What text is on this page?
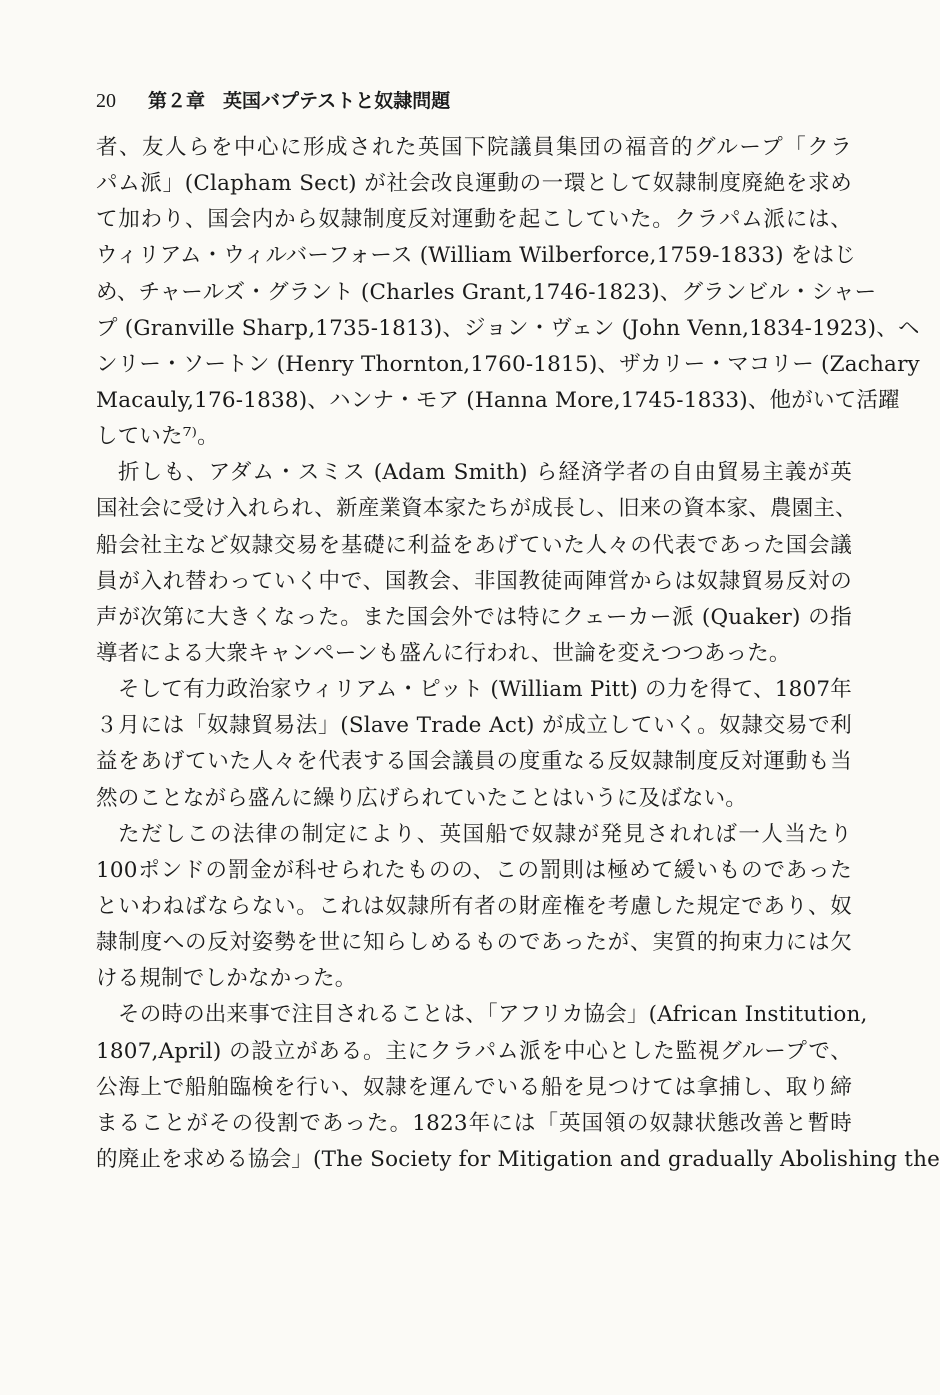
20	第２章 英国バプテストと奴隷問題
者、友人らを中心に形成された英国下院議員集団の福音的グループ「クラ
パム派」(Clapham Sect) が社会改良運動の一環として奴隷制度廃絶を求め
て加わり、国会内から奴隷制度反対運動を起こしていた。クラパム派には、
ウィリアム・ウィルバーフォース (William Wilberforce,1759-1833) をはじ
め、チャールズ・グラント (Charles Grant,1746-1823)、グランビル・シャー
プ (Granville Sharp,1735-1813)、ジョン・ヴェン (John Venn,1834-1923)、ヘ
ンリー・ソートン (Henry Thornton,1760-1815)、ザカリー・マコリー (Zachary
Macauly,176-1838)、ハンナ・モア (Hanna More,1745-1833)、他がいて活躍
していた⁷⁾。
折しも、アダム・スミス (Adam Smith) ら経済学者の自由貿易主義が英
国社会に受け入れられ、新産業資本家たちが成長し、旧来の資本家、農園主、
船会社主など奴隷交易を基礎に利益をあげていた人々の代表であった国会議
員が入れ替わっていく中で、国教会、非国教徒両陣営からは奴隷貿易反対の
声が次第に大きくなった。また国会外では特にクェーカー派 (Quaker) の指
導者による大衆キャンペーンも盛んに行われ、世論を変えつつあった。
そして有力政治家ウィリアム・ピット (William Pitt) の力を得て、1807年
３月には「奴隷貿易法」(Slave Trade Act) が成立していく。奴隷交易で利
益をあげていた人々を代表する国会議員の度重なる反奴隷制度反対運動も当
然のことながら盛んに繰り広げられていたことはいうに及ばない。
ただしこの法律の制定により、英国船で奴隷が発見されれば一人当たり
100ポンドの罰金が科せられたものの、この罰則は極めて緩いものであった
といわねばならない。これは奴隷所有者の財産権を考慮した規定であり、奴
隷制度への反対姿勢を世に知らしめるものであったが、実質的拘束力には欠
ける規制でしかなかった。
その時の出来事で注目されることは、「アフリカ協会」(African Institution,
1807,April) の設立がある。主にクラパム派を中心とした監視グループで、
公海上で船舶臨検を行い、奴隷を運んでいる船を見つけては拿捕し、取り締
まることがその役割であった。1823年には「英国領の奴隷状態改善と暫時
的廃止を求める協会」(The Society for Mitigation and gradually Abolishing the
